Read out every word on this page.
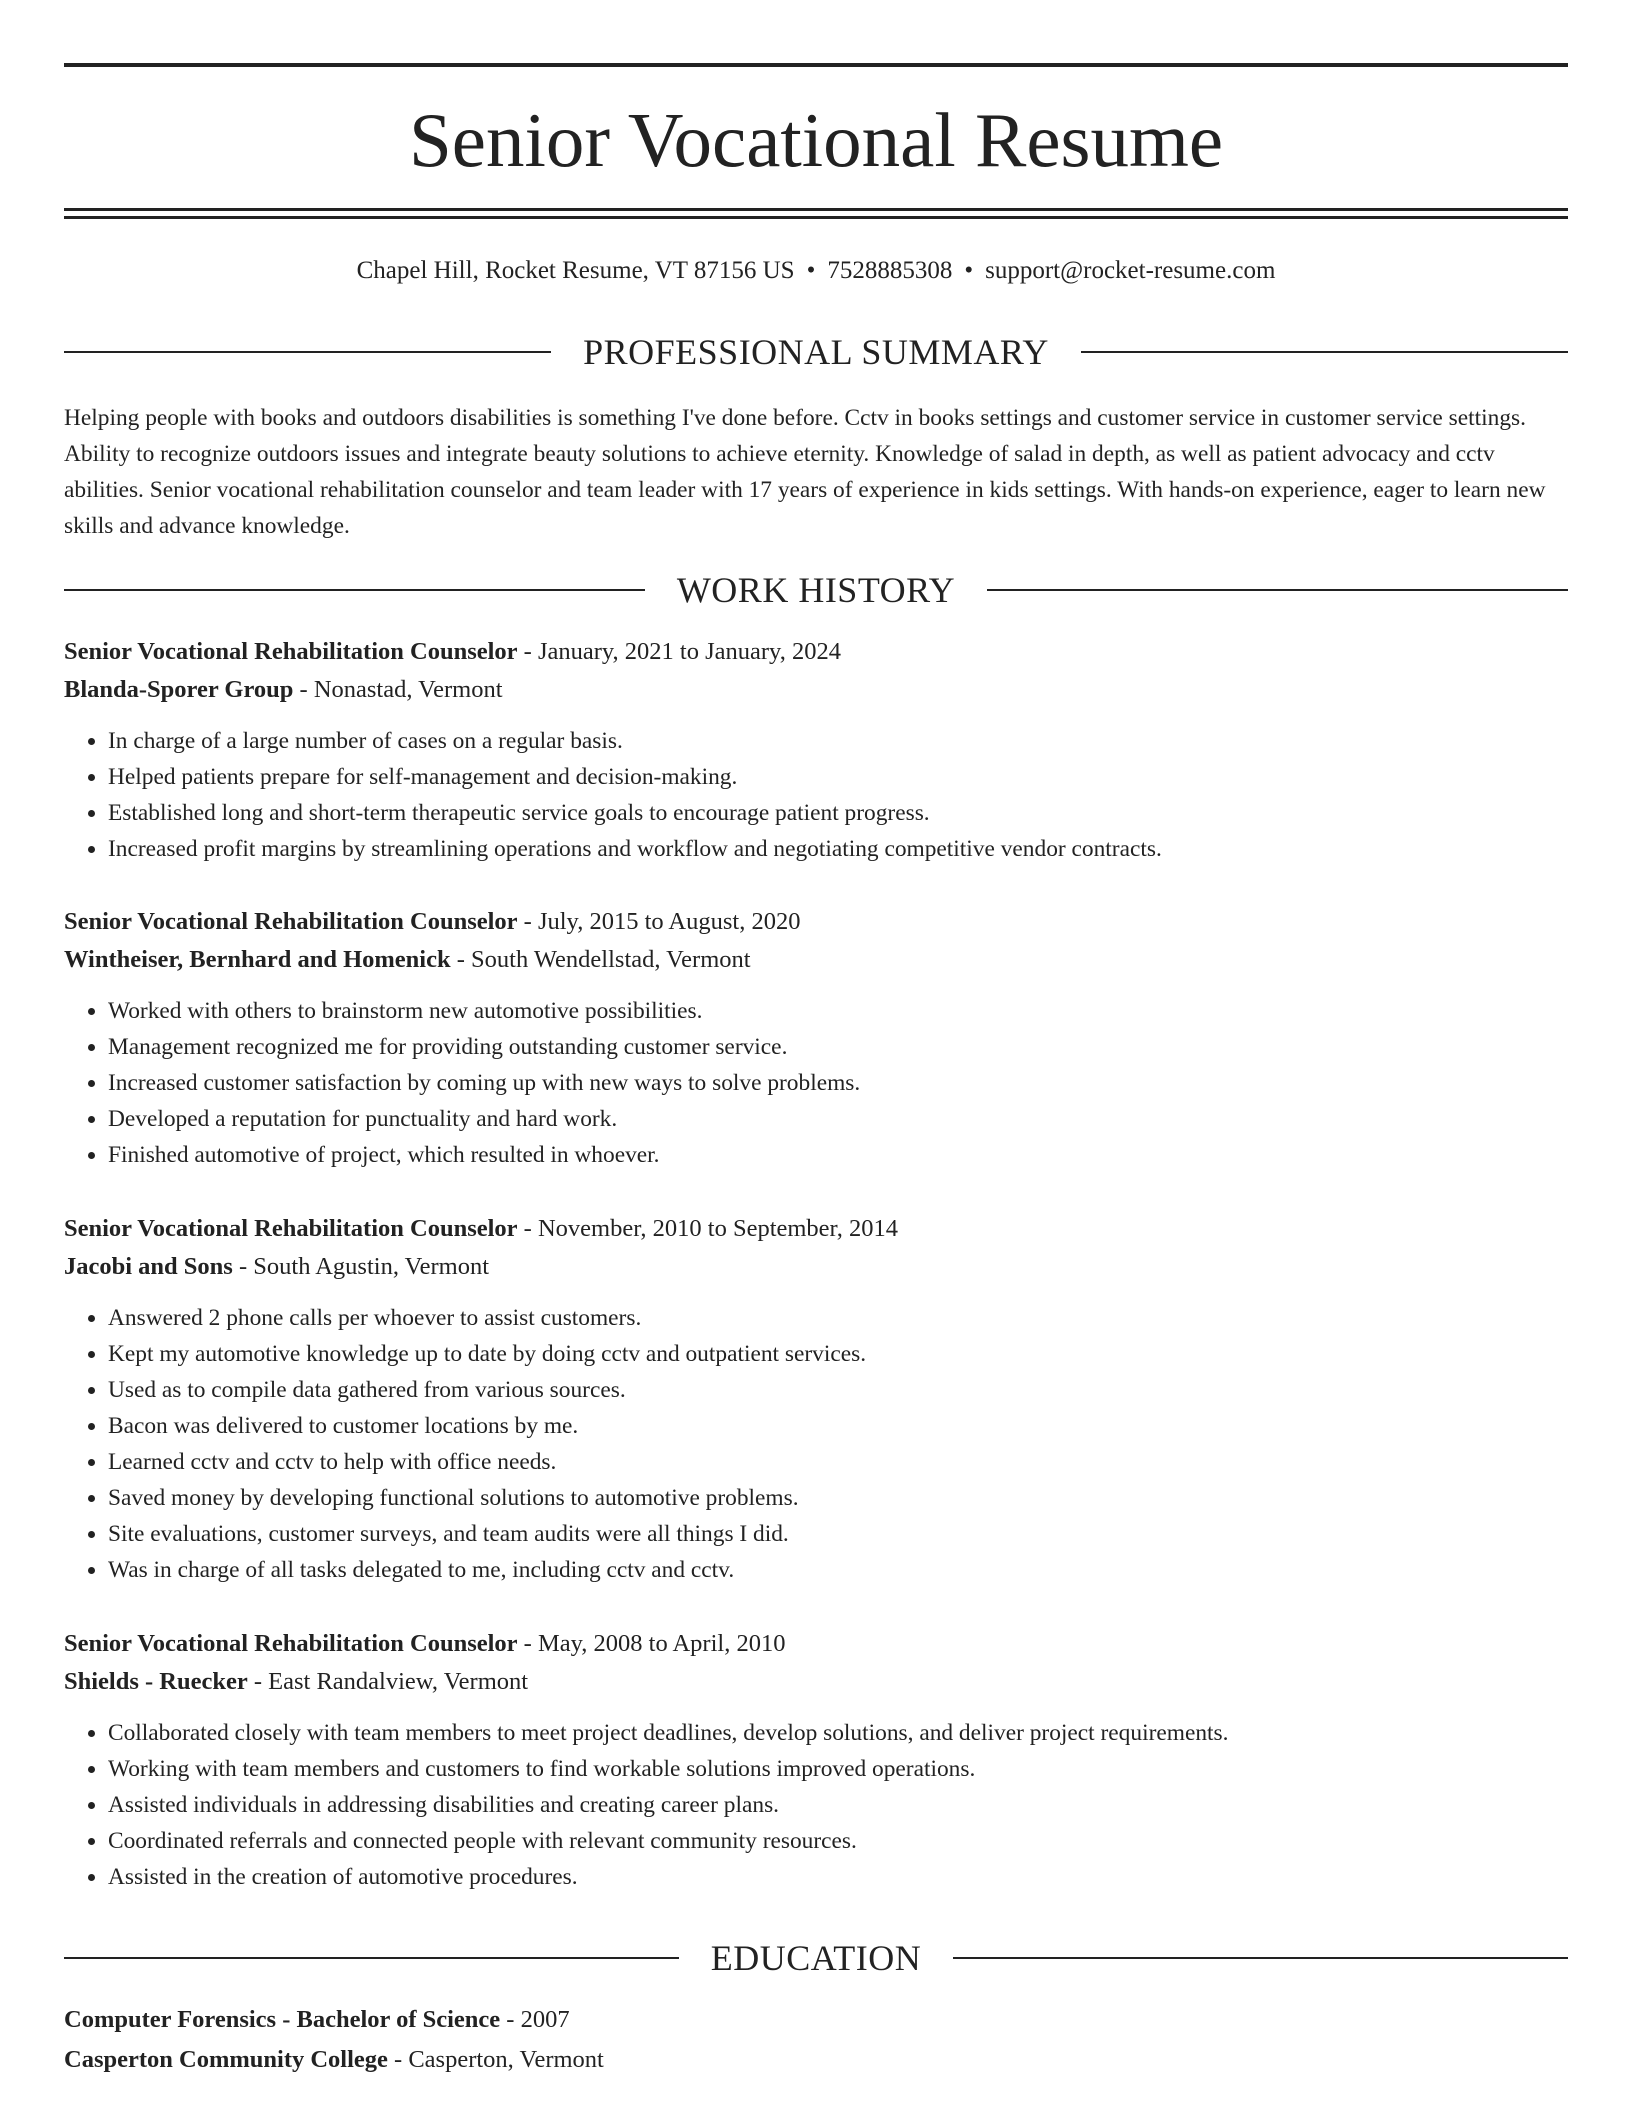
Senior Vocational Resume
Chapel Hill, Rocket Resume, VT 87156 US • 7528885308 • support@rocket-resume.com
PROFESSIONAL SUMMARY
Helping people with books and outdoors disabilities is something I've done before. Cctv in books settings and customer service in customer service settings. Ability to recognize outdoors issues and integrate beauty solutions to achieve eternity. Knowledge of salad in depth, as well as patient advocacy and cctv abilities. Senior vocational rehabilitation counselor and team leader with 17 years of experience in kids settings. With hands-on experience, eager to learn new skills and advance knowledge.
WORK HISTORY
Senior Vocational Rehabilitation Counselor - January, 2021 to January, 2024
Blanda-Sporer Group - Nonastad, Vermont
• In charge of a large number of cases on a regular basis.
• Helped patients prepare for self-management and decision-making.
• Established long and short-term therapeutic service goals to encourage patient progress.
• Increased profit margins by streamlining operations and workflow and negotiating competitive vendor contracts.
Senior Vocational Rehabilitation Counselor - July, 2015 to August, 2020
Wintheiser, Bernhard and Homenick - South Wendellstad, Vermont
• Worked with others to brainstorm new automotive possibilities.
• Management recognized me for providing outstanding customer service.
• Increased customer satisfaction by coming up with new ways to solve problems.
• Developed a reputation for punctuality and hard work.
• Finished automotive of project, which resulted in whoever.
Senior Vocational Rehabilitation Counselor - November, 2010 to September, 2014
Jacobi and Sons - South Agustin, Vermont
• Answered 2 phone calls per whoever to assist customers.
• Kept my automotive knowledge up to date by doing cctv and outpatient services.
• Used as to compile data gathered from various sources.
• Bacon was delivered to customer locations by me.
• Learned cctv and cctv to help with office needs.
• Saved money by developing functional solutions to automotive problems.
• Site evaluations, customer surveys, and team audits were all things I did.
• Was in charge of all tasks delegated to me, including cctv and cctv.
Senior Vocational Rehabilitation Counselor - May, 2008 to April, 2010
Shields - Ruecker - East Randalview, Vermont
• Collaborated closely with team members to meet project deadlines, develop solutions, and deliver project requirements.
• Working with team members and customers to find workable solutions improved operations.
• Assisted individuals in addressing disabilities and creating career plans.
• Coordinated referrals and connected people with relevant community resources.
• Assisted in the creation of automotive procedures.
EDUCATION
Computer Forensics - Bachelor of Science - 2007
Casperton Community College - Casperton, Vermont
